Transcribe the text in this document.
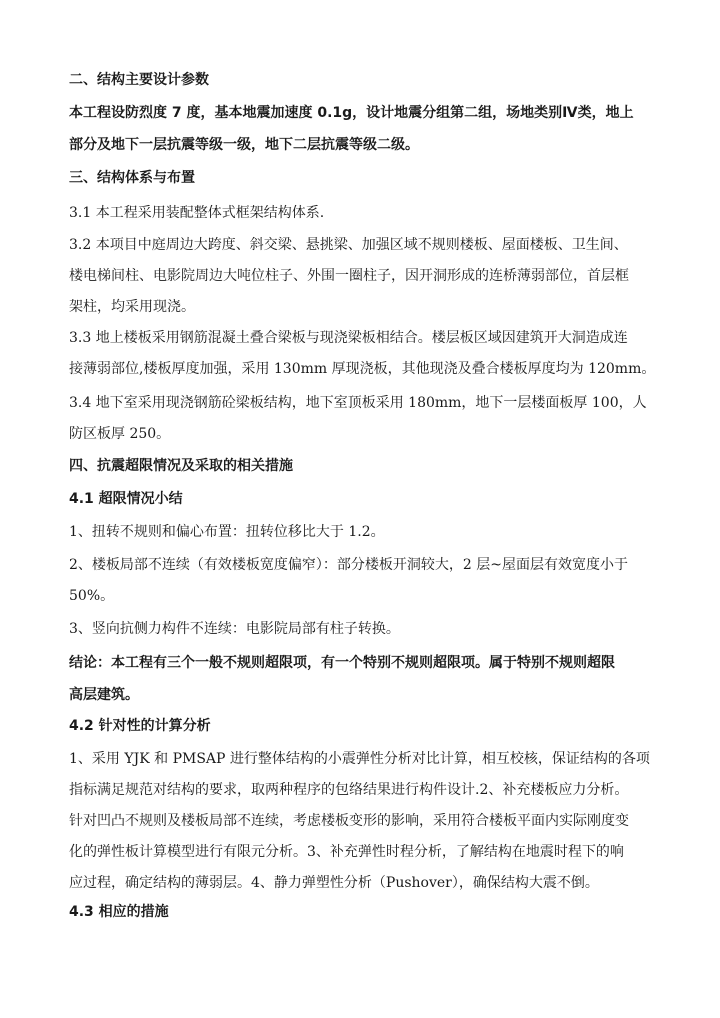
二、结构主要设计参数
本工程设防烈度 7 度，基本地震加速度 0.1g，设计地震分组第二组，场地类别Ⅳ类，地上
部分及地下一层抗震等级一级，地下二层抗震等级二级。
三、结构体系与布置
3.1 本工程采用装配整体式框架结构体系.
3.2 本项目中庭周边大跨度、斜交梁、悬挑梁、加强区域不规则楼板、屋面楼板、卫生间、
楼电梯间柱、电影院周边大吨位柱子、外围一圈柱子，因开洞形成的连桥薄弱部位，首层框
架柱，均采用现浇。
3.3 地上楼板采用钢筋混凝土叠合梁板与现浇梁板相结合。楼层板区域因建筑开大洞造成连
接薄弱部位,楼板厚度加强，采用 130mm 厚现浇板，其他现浇及叠合楼板厚度均为 120mm。
3.4 地下室采用现浇钢筋砼梁板结构，地下室顶板采用 180mm，地下一层楼面板厚 100，人
防区板厚 250。
四、抗震超限情况及采取的相关措施
4.1 超限情况小结
1、扭转不规则和偏心布置：扭转位移比大于 1.2。
2、楼板局部不连续（有效楼板宽度偏窄）：部分楼板开洞较大，2 层~屋面层有效宽度小于
50%。
3、竖向抗侧力构件不连续：电影院局部有柱子转换。
结论：本工程有三个一般不规则超限项，有一个特别不规则超限项。属于特别不规则超限
高层建筑。
4.2 针对性的计算分析
1、采用 YJK 和 PMSAP 进行整体结构的小震弹性分析对比计算，相互校核，保证结构的各项
指标满足规范对结构的要求，取两种程序的包络结果进行构件设计.2、补充楼板应力分析。
针对凹凸不规则及楼板局部不连续，考虑楼板变形的影响，采用符合楼板平面内实际刚度变
化的弹性板计算模型进行有限元分析。3、补充弹性时程分析，了解结构在地震时程下的响
应过程，确定结构的薄弱层。4、静力弹塑性分析（Pushover），确保结构大震不倒。
4.3 相应的措施
